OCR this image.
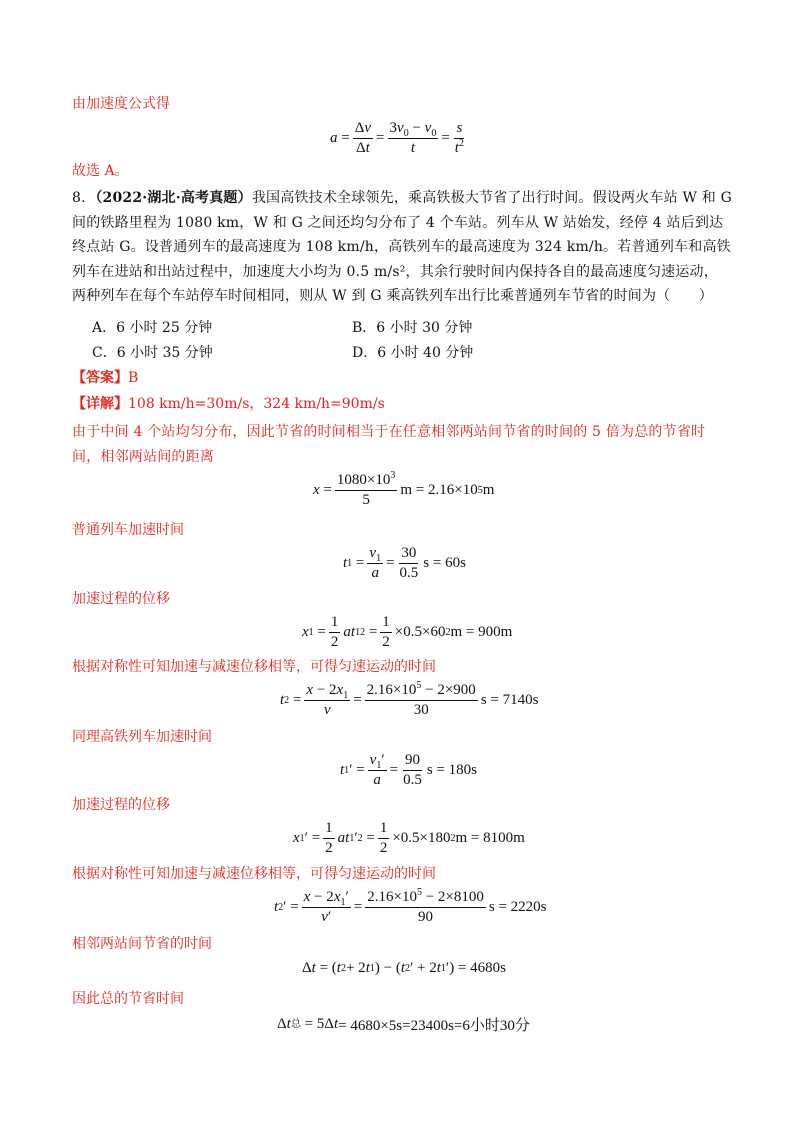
由加速度公式得
$a = \frac{\Delta v}{\Delta t} = \frac{3v_0 - v_0}{t} = \frac{s}{t^2}$
故选 A。
8．（2022·湖北·高考真题）我国高铁技术全球领先，乘高铁极大节省了出行时间。假设两火车站 W 和 G 间的铁路里程为 1080 km，W 和 G 之间还均匀分布了 4 个车站。列车从 W 站始发，经停 4 站后到达终点站 G。设普通列车的最高速度为 108 km/h，高铁列车的最高速度为 324 km/h。若普通列车和高铁列车在进站和出站过程中，加速度大小均为 0.5 m/s²，其余行驶时间内保持各自的最高速度匀速运动，两种列车在每个车站停车时间相同，则从 W 到 G 乘高铁列车出行比乘普通列车节省的时间为（　　）
A．6 小时 25 分钟	B．6 小时 30 分钟
C．6 小时 35 分钟	D．6 小时 40 分钟
【答案】B
【详解】108 km/h=30m/s，324 km/h=90m/s
由于中间 4 个站均匀分布，因此节省的时间相当于在任意相邻两站间节省的时间的 5 倍为总的节省时间，相邻两站间的距离
$x = \frac{1080\times 10^3}{5}$ m = 2.16×10 5 m
普通列车加速时间
t $1 = \frac{v_1}{a} = \frac{30}{0.5}$ s = 60s
加速过程的位移
x $1 = \frac{1}{2}$ at 1 $2 = \frac{1}{2} \times 0.5\times 60$ 2 m = 900m
根据对称性可知加速与减速位移相等，可得匀速运动的时间
t $2 = \frac{x - 2x_1}{v} = \frac{2.16\times 10^5 - 2\times 900}{30}$ s = 7140s
同理高铁列车加速时间
t 1 ′ = $\frac{v_1'}{a} = \frac{90}{0.5}$ s = 180s
加速过程的位移
x 1 ′ = $\frac{1}{2}$ at 1 ′ $2 = \frac{1}{2} \times 0.5\times 180$ 2 m = 8100m
根据对称性可知加速与减速位移相等，可得匀速运动的时间
t 2 ′ = $\frac{x - 2x_1'}{v'} = \frac{2.16\times 10^5 - 2\times 8100}{90}$ s = 2220s
相邻两站间节省的时间
Δ t = ( t 2 + 2 t 1 ) − ( t 2 ′ + 2 t 1 ′) = 4680s
因此总的节省时间
Δ t 总 = 5Δ t = 4680×5s=23400s=6小时30分
